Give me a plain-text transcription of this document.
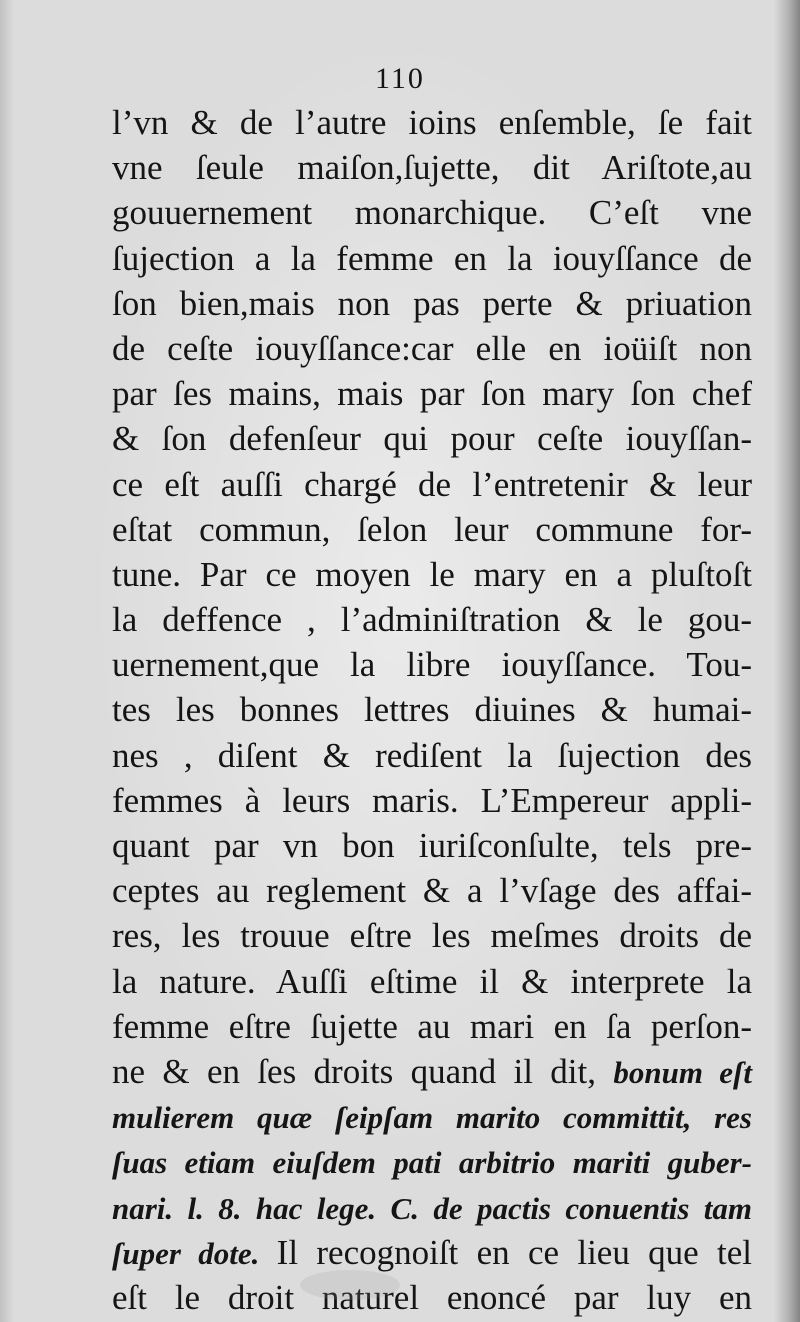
110
l’vn & de l’autre ioins enſemble, ſe fait
vne ſeule maiſon,ſujette, dit Ariſtote,au
gouuernement monarchique. C’eſt vne
ſujection a la femme en la iouyſſance de
ſon bien,mais non pas perte & priuation
de ceſte iouyſſance:car elle en ioüiſt non
par ſes mains, mais par ſon mary ſon chef
& ſon defenſeur qui pour ceſte iouyſſan-
ce eſt auſſi chargé de l’entretenir & leur
eſtat commun, ſelon leur commune for-
tune. Par ce moyen le mary en a pluſtoſt
la deffence , l’adminiſtration & le gou-
uernement,que la libre iouyſſance. Tou-
tes les bonnes lettres diuines & humai-
nes , diſent & rediſent la ſujection des
femmes à leurs maris. L’Empereur appli-
quant par vn bon iuriſconſulte, tels pre-
ceptes au reglement & a l’vſage des affai-
res, les trouue eſtre les meſmes droits de
la nature. Auſſi eſtime il & interprete la
femme eſtre ſujette au mari en ſa perſon-
ne & en ſes droits quand il dit, bonum eſt
mulierem quæ ſeipſam marito committit, res
ſuas etiam eiuſdem pati arbitrio mariti guber-
nari. l. 8. hac lege. C. de pactis conuentis tam
ſuper dote. Il recognoiſt en ce lieu que tel
eſt le droit naturel enoncé par luy en
